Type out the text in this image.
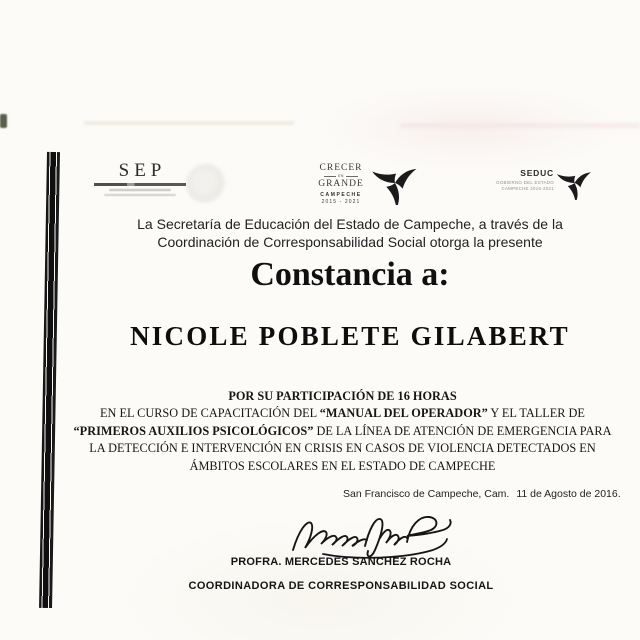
SEP	CRECER
EN
GRANDE
CAMPECHE
2015 - 2021
SEDUC
GOBIERNO DEL ESTADO
CAMPECHE 2015-2021
La Secretaría de Educación del Estado de Campeche, a través de la
Coordinación de Corresponsabilidad Social otorga la presente
Constancia a:
NICOLE POBLETE GILABERT
POR SU PARTICIPACIÓN DE 16 HORAS
EN EL CURSO DE CAPACITACIÓN DEL “MANUAL DEL OPERADOR” Y EL TALLER DE “PRIMEROS AUXILIOS PSICOLÓGICOS” DE LA LÍNEA DE ATENCIÓN DE EMERGENCIA PARA LA DETECCIÓN E INTERVENCIÓN EN CRISIS EN CASOS DE VIOLENCIA DETECTADOS EN ÁMBITOS ESCOLARES EN EL ESTADO DE CAMPECHE
San Francisco de Campeche, Cam. 11 de Agosto de 2016.
PROFRA. MERCEDES SANCHEZ ROCHA
COORDINADORA DE CORRESPONSABILIDAD SOCIAL
